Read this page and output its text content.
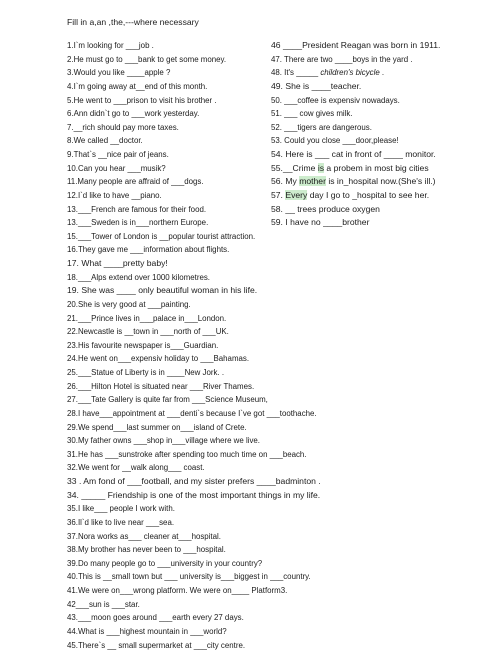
Fill in a,an ,the,---where necessary
1.I`m looking for ___job .
2.He must go to ___bank to get some money.
3.Would you like ____apple ?
4.I`m going away at__end of this month.
5.He went to ___prison to visit his brother .
6.Ann didn`t go to ___work yesterday.
7.__rich should pay more taxes.
8.We called __doctor.
9.That`s __nice pair of jeans.
10.Can you hear ___musik?
11.Many people are affraid of ___dogs.
12.I`d like to have __piano.
13.___French are famous for their food.
13.___Sweden is in___northern Europe.
15.___Tower of London is __popular tourist attraction.
16.They gave me ___information about flights.
17. What ____pretty baby!
18.___Alps extend over 1000 kilometres.
19. She was ____ only beautiful woman in his life.
20.She is very good at ___painting.
21.___Prince lives in___palace in___London.
22.Newcastle is __town in ___north of ___UK.
23.His favourite newspaper is___Guardian.
24.He went on___expensiv holiday to ___Bahamas.
25.___Statue of Liberty is in ____New Jork. .
26.___Hilton Hotel is situated near ___River Thames.
27.___Tate Gallery is quite far from ___Science Museum,
28.I have___appointment at ___denti`s because I`ve got ___toothache.
29.We spend___last summer on___island of Crete.
30.My father owns ___shop in___village where we live.
31.He has ___sunstroke after spending too much time on ___beach.
32.We went for __walk along___ coast.
33 . Am fond of ___football, and my sister prefers ____badminton .
34. _____ Friendship is one of the most important things in my life.
35.I like___ people I work with.
36.Il`d like to live near ___sea.
37.Nora works as___ cleaner at___hospital.
38.My brother has never been to ___hospital.
39.Do many people go to ___university in your country?
40.This is __small town but ___ university is___biggest in ___country.
41.We were on___wrong platform. We were on____ Platform3.
42___sun is ___star.
43.___moon goes around ___earth every 27 days.
44.What is ___highest mountain in ___world?
45.There`s __ small supermarket at ___city centre.
46 ____President Reagan was born in 1911.
47. There are two ____boys in the yard .
48. It's _____ children's bicycle .
49. She is ____teacher.
50. ___coffee is expensiv nowadays.
51. ___ cow gives milk.
52. ___tigers are dangerous.
53. Could you close ___door,please!
54. Here is ___ cat in front of ____ monitor.
55.__Crime is a probem in most big cities
56. My mother is in_hospital now.(She's ill.)
57. Every day I go to _hospital to see her.
58. __ trees produce oxygen
59. I have no ____brother
